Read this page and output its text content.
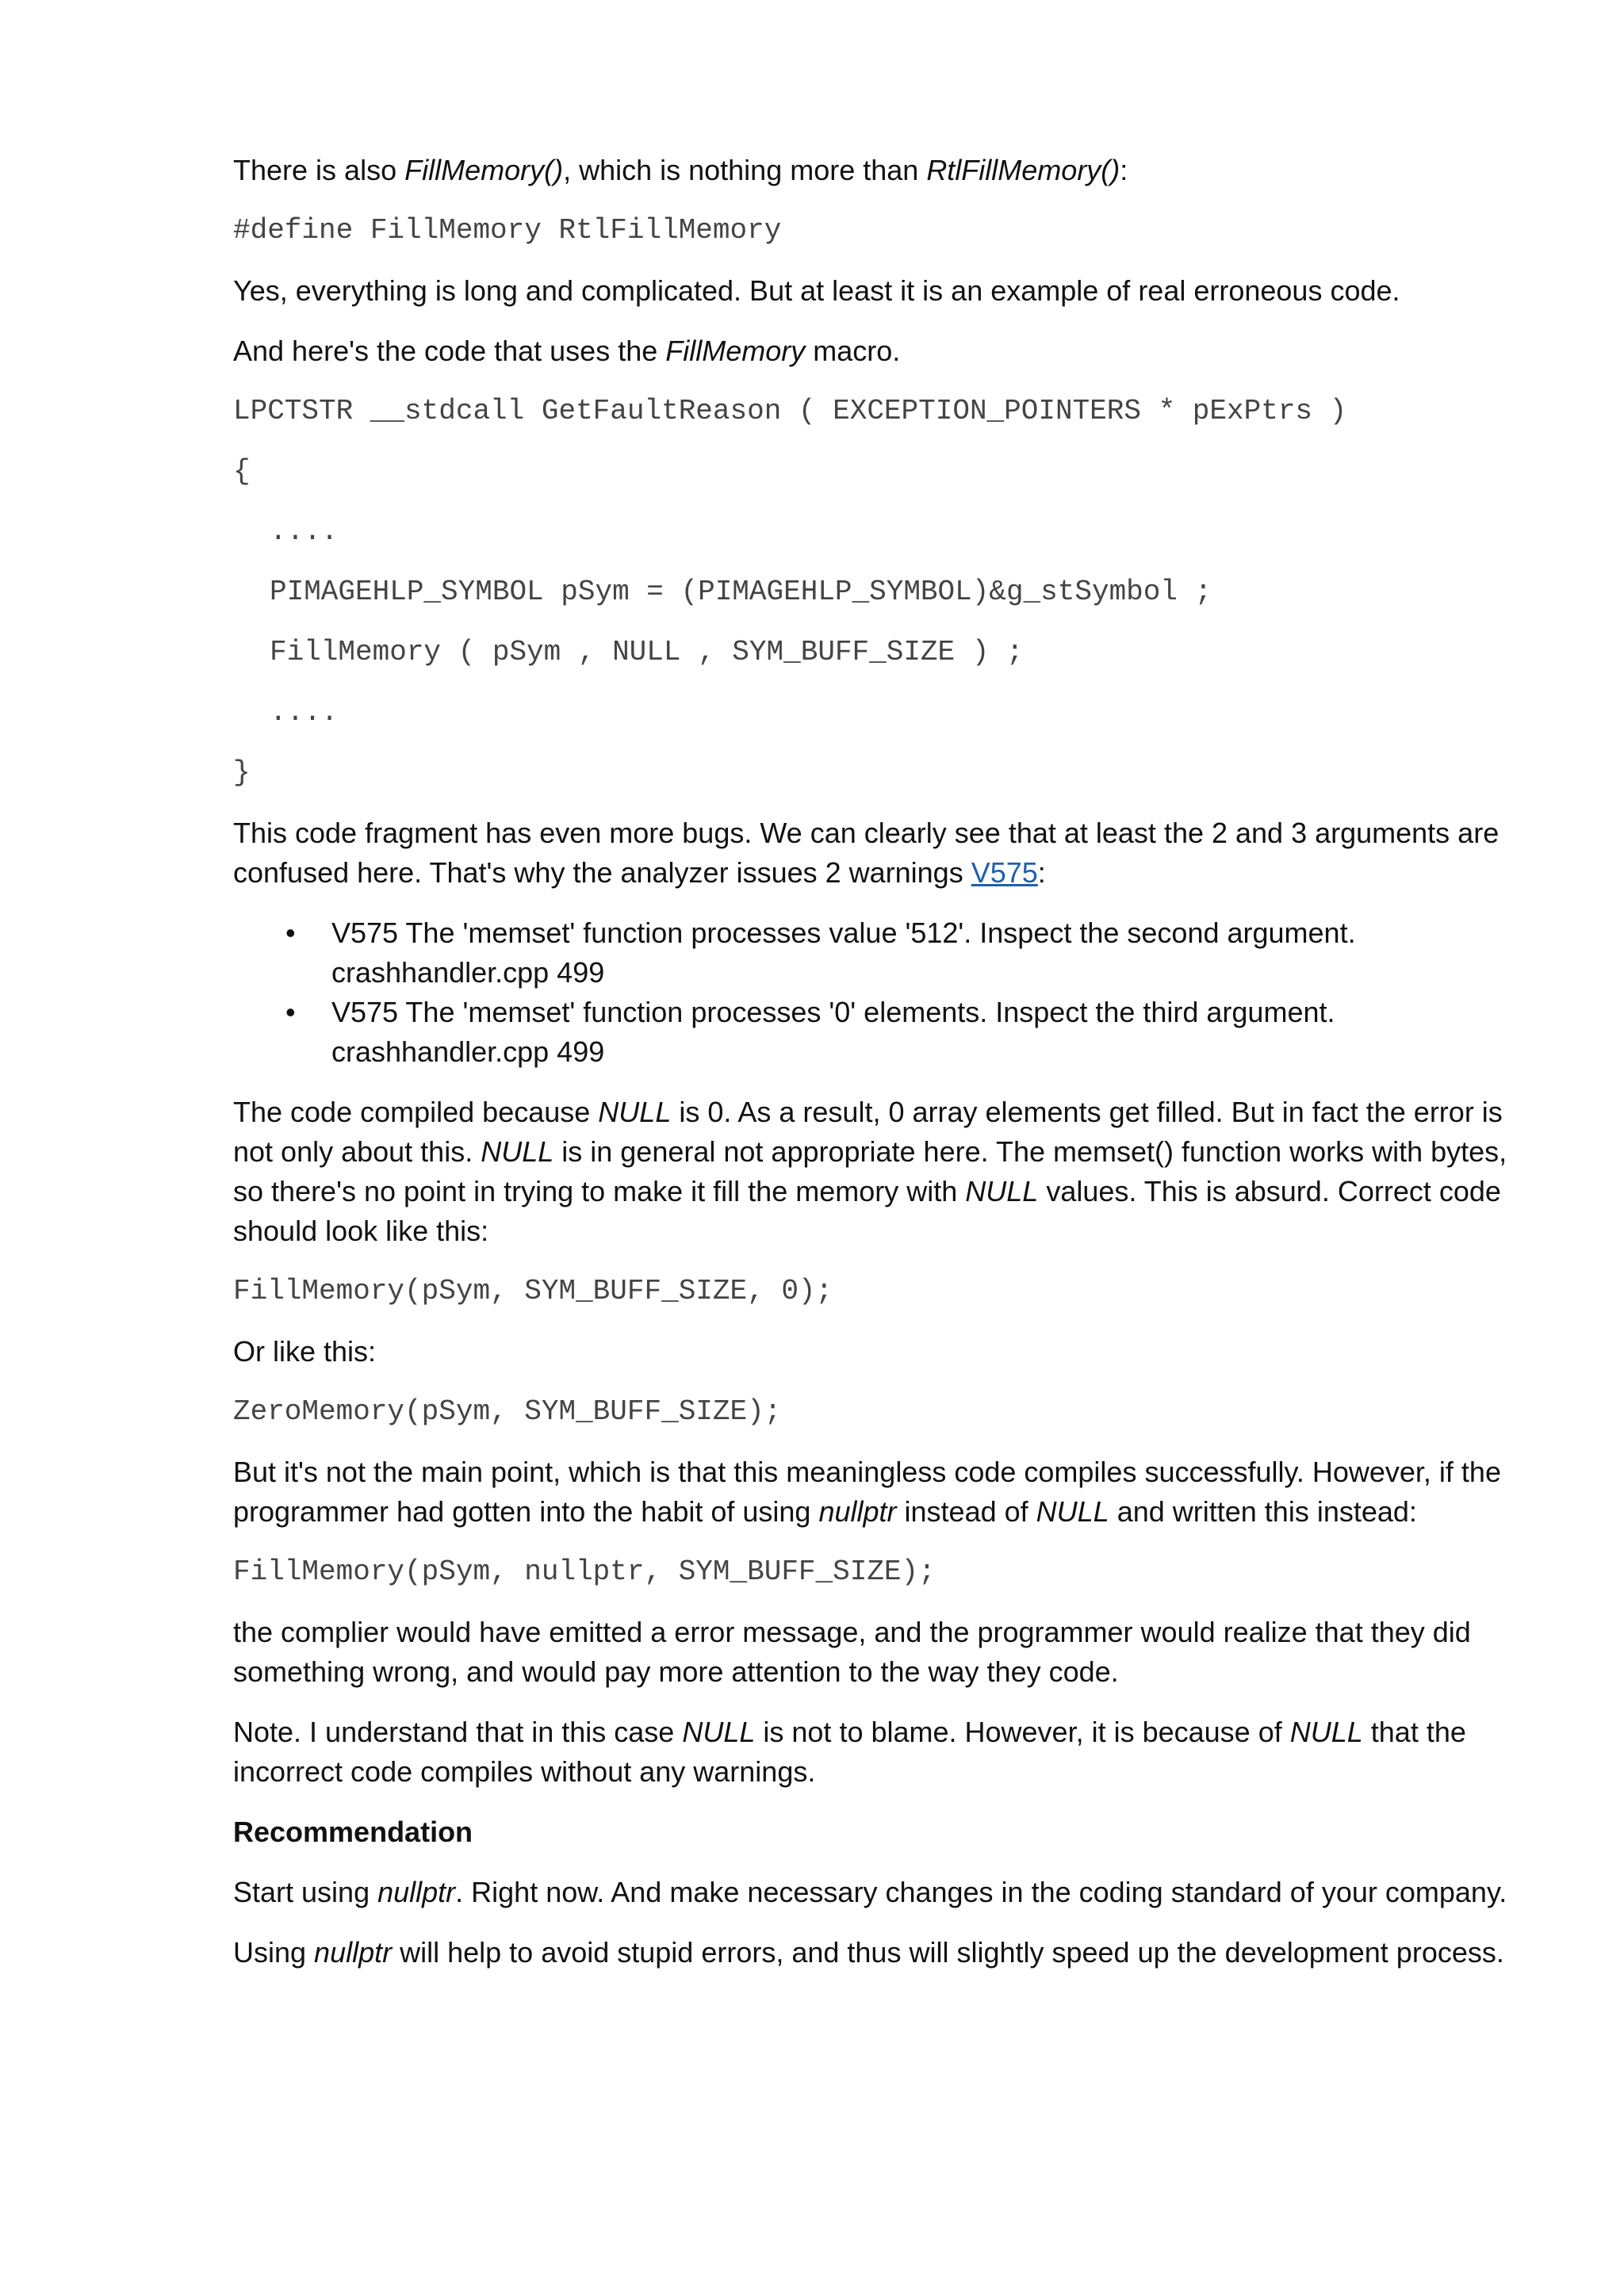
There is also FillMemory(), which is nothing more than RtlFillMemory():

#define FillMemory RtlFillMemory

Yes, everything is long and complicated. But at least it is an example of real erroneous code.

And here's the code that uses the FillMemory macro.

LPCTSTR __stdcall GetFaultReason ( EXCEPTION_POINTERS * pExPtrs )
{
....
PIMAGEHLP_SYMBOL pSym = (PIMAGEHLP_SYMBOL)&g_stSymbol ;
FillMemory ( pSym , NULL , SYM_BUFF_SIZE ) ;
....
}

This code fragment has even more bugs. We can clearly see that at least the 2 and 3 arguments are confused here. That's why the analyzer issues 2 warnings V575:

• V575 The 'memset' function processes value '512'. Inspect the second argument. crashhandler.cpp 499
• V575 The 'memset' function processes '0' elements. Inspect the third argument. crashhandler.cpp 499

The code compiled because NULL is 0. As a result, 0 array elements get filled. But in fact the error is not only about this. NULL is in general not appropriate here. The memset() function works with bytes, so there's no point in trying to make it fill the memory with NULL values. This is absurd. Correct code should look like this:

FillMemory(pSym, SYM_BUFF_SIZE, 0);

Or like this:

ZeroMemory(pSym, SYM_BUFF_SIZE);

But it's not the main point, which is that this meaningless code compiles successfully. However, if the programmer had gotten into the habit of using nullptr instead of NULL and written this instead:

FillMemory(pSym, nullptr, SYM_BUFF_SIZE);

the complier would have emitted a error message, and the programmer would realize that they did something wrong, and would pay more attention to the way they code.

Note. I understand that in this case NULL is not to blame. However, it is because of NULL that the incorrect code compiles without any warnings.

Recommendation

Start using nullptr. Right now. And make necessary changes in the coding standard of your company.

Using nullptr will help to avoid stupid errors, and thus will slightly speed up the development process.
